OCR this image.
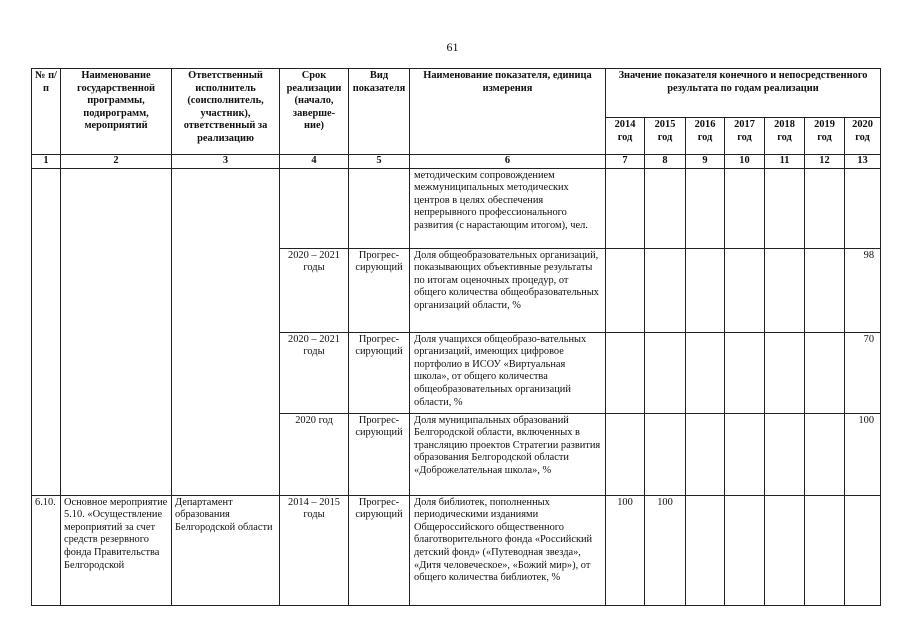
61
№ п/п	Наименование государственной программы, подирограмм, мероприятий	Ответственный исполнитель (соисполнитель, участник), ответственный за реализацию	Срок реализации (начало, заверше-ние)	Вид показателя	Наименование показателя, единица измерения	Значение показателя конечного и непосредственного результата по годам реализации						
						2014 год	2015 год	2016 год	2017 год	2018 год	2019 год	2020 год
1	2	3	4	5	6	7	8	9	10	11	12	13
					методическим сопровождением межмуниципальных методических центров в целях обеспечения непрерывного профессионального развития (с нарастающим итогом), чел.							
			2020 – 2021 годы	Прогрес-сирующий	Доля общеобразовательных организаций, показывающих объективные результаты по итогам оценочных процедур, от общего количества общеобразовательных организаций области, %							98
			2020 – 2021 годы	Прогрес-сирующий	Доля учащихся общеобразо-вательных организаций, имеющих цифровое портфолио в ИСОУ «Виртуальная школа», от общего количества общеобразовательных организаций области, %							70
			2020 год	Прогрес-сирующий	Доля муниципальных образований Белгородской области, включенных в трансляцию проектов Стратегии развития образования Белгородской области «Доброжелательная школа», %							100
6.10.	Основное мероприятие 5.10. «Осуществление мероприятий за счет средств резервного фонда Правительства Белгородской	Департамент образования Белгородской области	2014 – 2015 годы	Прогрес-сирующий	Доля библиотек, пополненных периодическими изданиями Общероссийского общественного благотворительного фонда «Российский детский фонд» («Путеводная звезда», «Дитя человеческое», «Божий мир»), от общего количества библиотек, %	100	100					
